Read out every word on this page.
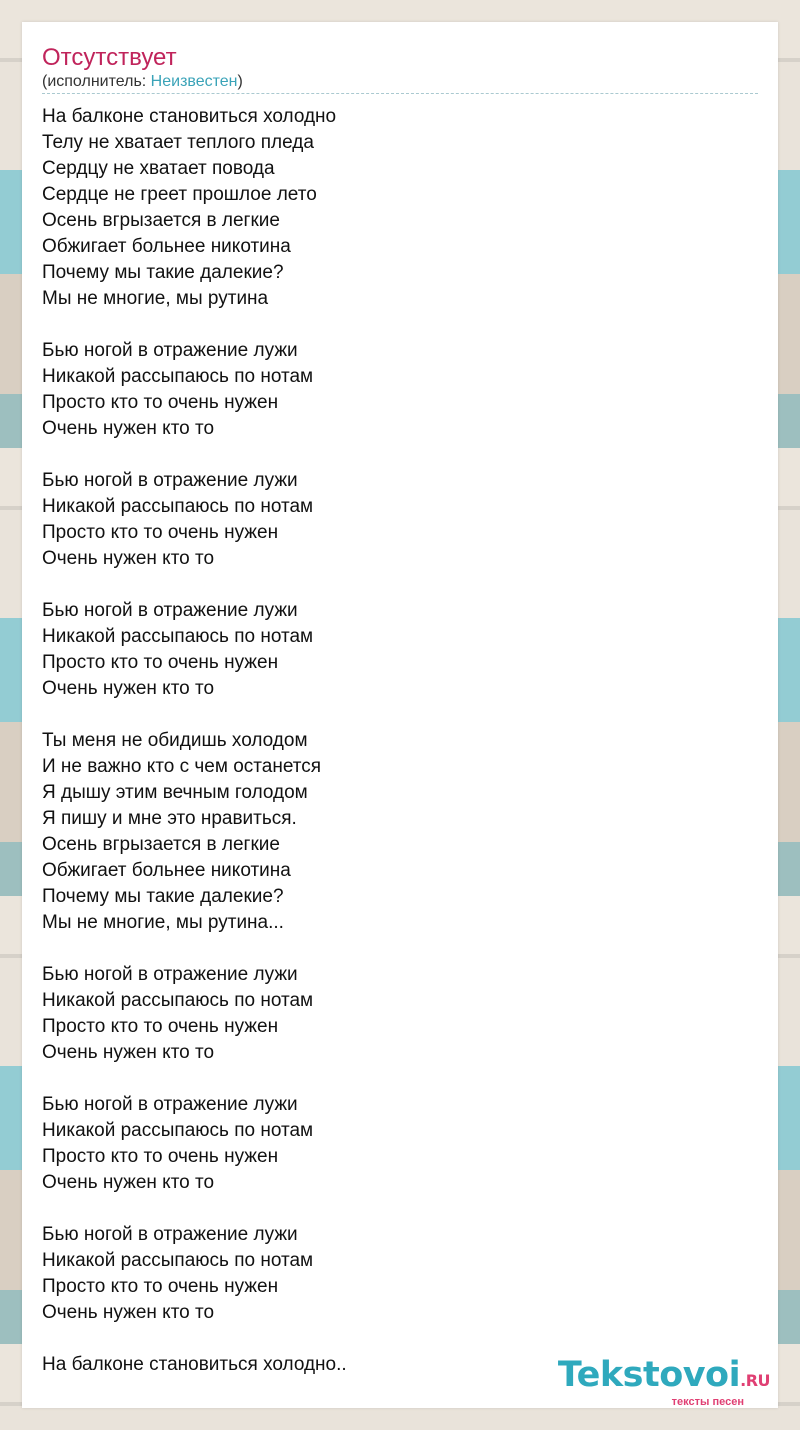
Отсутствует
(исполнитель: Неизвестен)
На балконе становиться холодно
Телу не хватает теплого пледа
Сердцу не хватает повода
Сердце не греет прошлое лето
Осень вгрызается в легкие
Обжигает больнее никотина
Почему мы такие далекие?
Мы не многие, мы рутина
Бью ногой в отражение лужи
Никакой рассыпаюсь по нотам
Просто кто то очень нужен
Очень нужен кто то
Бью ногой в отражение лужи
Никакой рассыпаюсь по нотам
Просто кто то очень нужен
Очень нужен кто то
Бью ногой в отражение лужи
Никакой рассыпаюсь по нотам
Просто кто то очень нужен
Очень нужен кто то
Ты меня не обидишь холодом
И не важно кто с чем останется
Я дышу этим вечным голодом
Я пишу и мне это нравиться.
Осень вгрызается в легкие
Обжигает больнее никотина
Почему мы такие далекие?
Мы не многие, мы рутина...
Бью ногой в отражение лужи
Никакой рассыпаюсь по нотам
Просто кто то очень нужен
Очень нужен кто то
Бью ногой в отражение лужи
Никакой рассыпаюсь по нотам
Просто кто то очень нужен
Очень нужен кто то
Бью ногой в отражение лужи
Никакой рассыпаюсь по нотам
Просто кто то очень нужен
Очень нужен кто то
На балконе становиться холодно..	Tekstovoi.RU
тексты песен
